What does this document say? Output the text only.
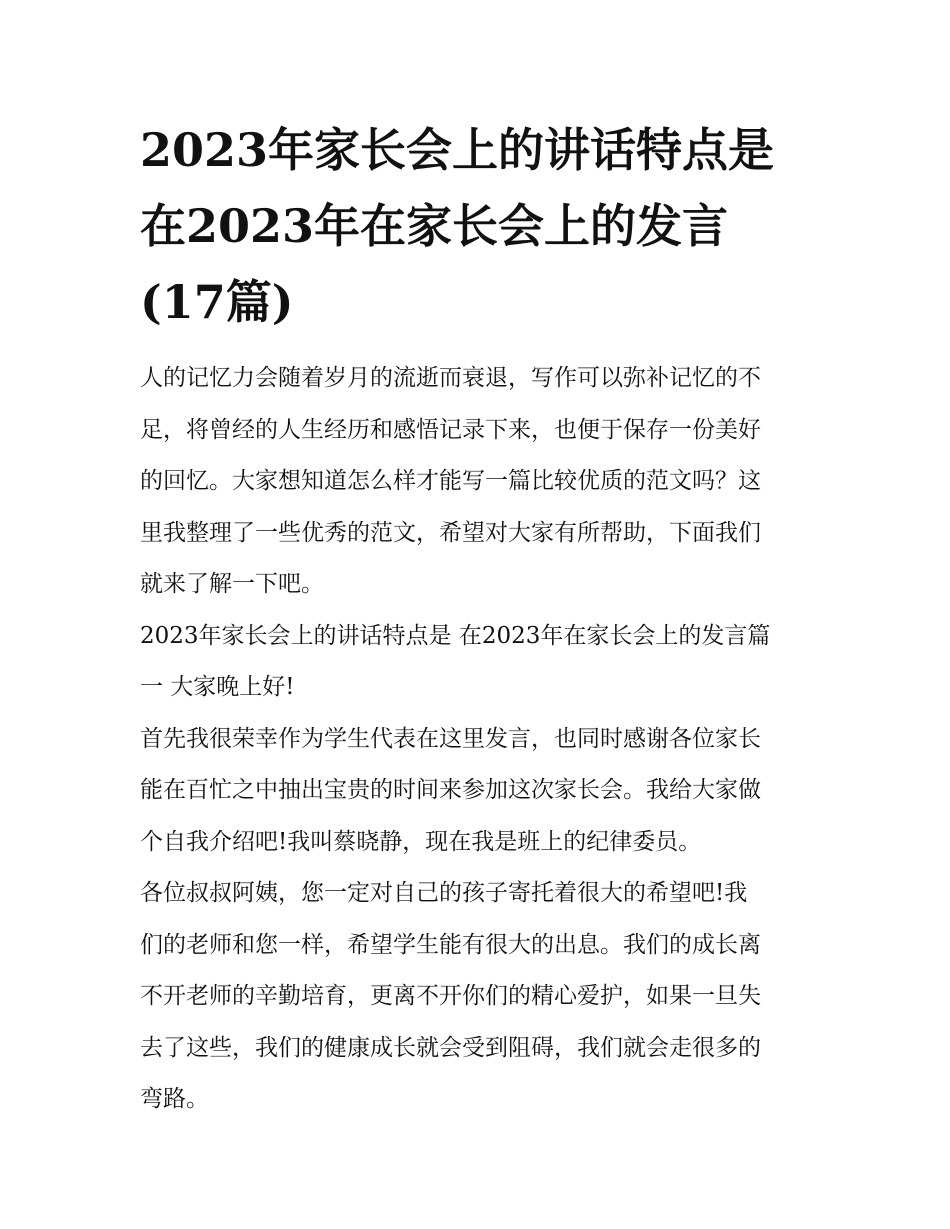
2023年家长会上的讲话特点是
在2023年在家长会上的发言
(17篇)
人的记忆力会随着岁月的流逝而衰退，写作可以弥补记忆的不
足，将曾经的人生经历和感悟记录下来，也便于保存一份美好
的回忆。大家想知道怎么样才能写一篇比较优质的范文吗？这
里我整理了一些优秀的范文，希望对大家有所帮助，下面我们
就来了解一下吧。
2023年家长会上的讲话特点是 在2023年在家长会上的发言篇
一 大家晚上好!
首先我很荣幸作为学生代表在这里发言，也同时感谢各位家长
能在百忙之中抽出宝贵的时间来参加这次家长会。我给大家做
个自我介绍吧!我叫蔡晓静，现在我是班上的纪律委员。
各位叔叔阿姨，您一定对自己的孩子寄托着很大的希望吧!我
们的老师和您一样，希望学生能有很大的出息。我们的成长离
不开老师的辛勤培育，更离不开你们的精心爱护，如果一旦失
去了这些，我们的健康成长就会受到阻碍，我们就会走很多的
弯路。
